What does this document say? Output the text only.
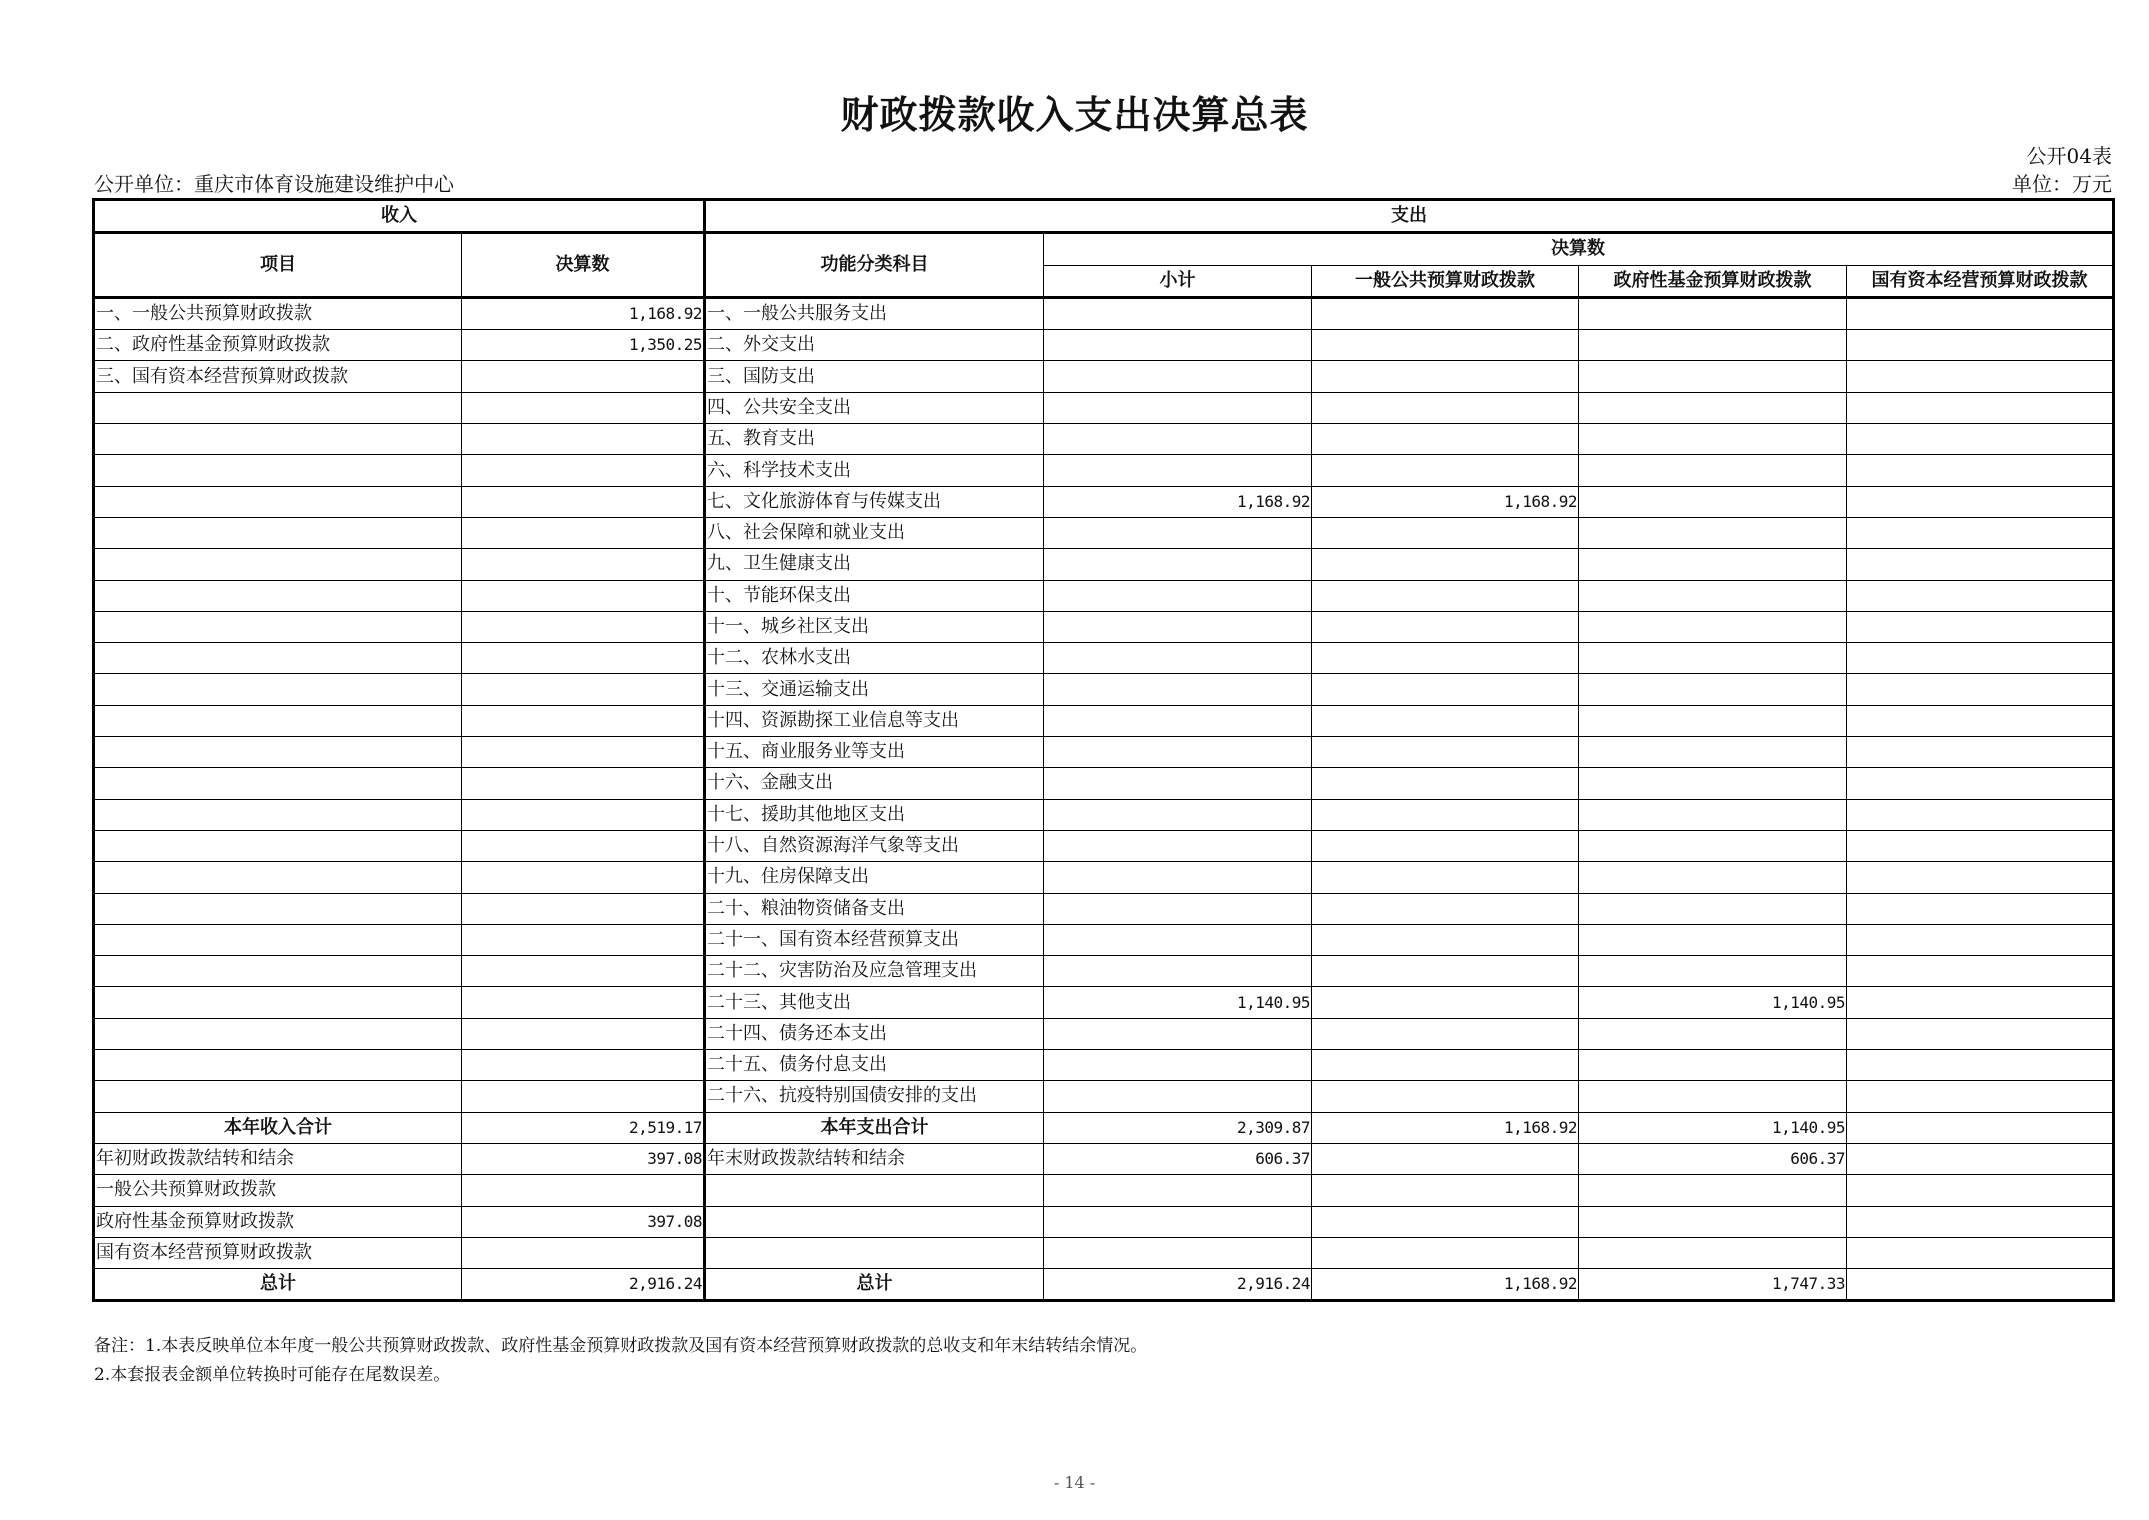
财政拨款收入支出决算总表
公开04表
公开单位：重庆市体育设施建设维护中心	单位：万元
收入		支出				
项目	决算数	功能分类科目	决算数			
			小计	一般公共预算财政拨款	政府性基金预算财政拨款	国有资本经营预算财政拨款
一、一般公共预算财政拨款	1,168.92	一、一般公共服务支出				
二、政府性基金预算财政拨款	1,350.25	二、外交支出				
三、国有资本经营预算财政拨款		三、国防支出				
		四、公共安全支出				
		五、教育支出				
		六、科学技术支出				
		七、文化旅游体育与传媒支出	1,168.92	1,168.92		
		八、社会保障和就业支出				
		九、卫生健康支出				
		十、节能环保支出				
		十一、城乡社区支出				
		十二、农林水支出				
		十三、交通运输支出				
		十四、资源勘探工业信息等支出				
		十五、商业服务业等支出				
		十六、金融支出				
		十七、援助其他地区支出				
		十八、自然资源海洋气象等支出				
		十九、住房保障支出				
		二十、粮油物资储备支出				
		二十一、国有资本经营预算支出				
		二十二、灾害防治及应急管理支出				
		二十三、其他支出	1,140.95		1,140.95	
		二十四、债务还本支出				
		二十五、债务付息支出				
		二十六、抗疫特别国债安排的支出				
本年收入合计	2,519.17	本年支出合计	2,309.87	1,168.92	1,140.95	
年初财政拨款结转和结余	397.08	年末财政拨款结转和结余	606.37		606.37	
一般公共预算财政拨款						
政府性基金预算财政拨款	397.08					
国有资本经营预算财政拨款						
总计	2,916.24	总计	2,916.24	1,168.92	1,747.33	
备注：1.本表反映单位本年度一般公共预算财政拨款、政府性基金预算财政拨款及国有资本经营预算财政拨款的总收支和年末结转结余情况。
2.本套报表金额单位转换时可能存在尾数误差。
- 14 -
